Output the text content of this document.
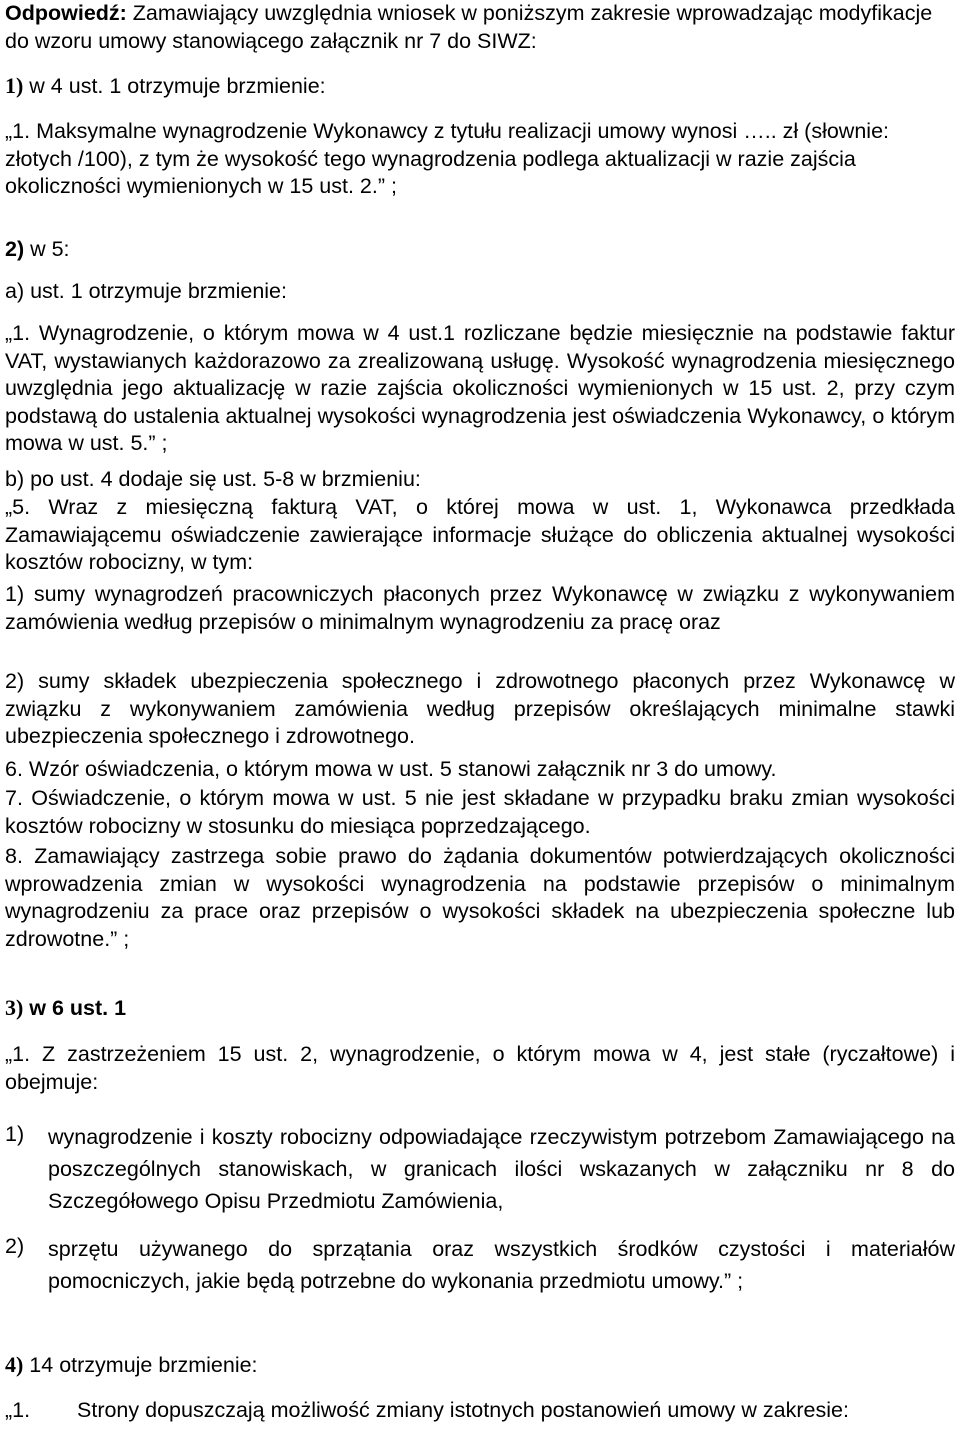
Odpowiedź: Zamawiający uwzględnia wniosek w poniższym zakresie wprowadzając modyfikacje do wzoru umowy stanowiącego załącznik nr 7 do SIWZ:

1) w 4 ust. 1 otrzymuje brzmienie:

„1. Maksymalne wynagrodzenie Wykonawcy z tytułu realizacji umowy wynosi ….. zł (słownie: złotych /100), z tym że wysokość tego wynagrodzenia podlega aktualizacji w razie zajścia okoliczności wymienionych w 15 ust. 2.” ;

2) w 5:

a) ust. 1 otrzymuje brzmienie:

„1. Wynagrodzenie, o którym mowa w 4 ust.1 rozliczane będzie miesięcznie na podstawie faktur VAT, wystawianych każdorazowo za zrealizowaną usługę. Wysokość wynagrodzenia miesięcznego uwzględnia jego aktualizację w razie zajścia okoliczności wymienionych w 15 ust. 2, przy czym podstawą do ustalenia aktualnej wysokości wynagrodzenia jest oświadczenia Wykonawcy, o którym mowa w ust. 5.” ;

b) po ust. 4 dodaje się ust. 5-8 w brzmieniu:

„5. Wraz z miesięczną fakturą VAT, o której mowa w ust. 1, Wykonawca przedkłada Zamawiającemu oświadczenie zawierające informacje służące do obliczenia aktualnej wysokości kosztów robocizny, w tym:

1) sumy wynagrodzeń pracowniczych płaconych przez Wykonawcę w związku z wykonywaniem zamówienia według przepisów o minimalnym wynagrodzeniu za pracę oraz

2) sumy składek ubezpieczenia społecznego i zdrowotnego płaconych przez Wykonawcę w związku z wykonywaniem zamówienia według przepisów określających minimalne stawki ubezpieczenia społecznego i zdrowotnego.

6. Wzór oświadczenia, o którym mowa w ust. 5 stanowi załącznik nr 3 do umowy.

7. Oświadczenie, o którym mowa w ust. 5 nie jest składane w przypadku braku zmian wysokości kosztów robocizny w stosunku do miesiąca poprzedzającego.

8. Zamawiający zastrzega sobie prawo do żądania dokumentów potwierdzających okoliczności wprowadzenia zmian w wysokości wynagrodzenia na podstawie przepisów o minimalnym wynagrodzeniu za prace oraz przepisów o wysokości składek na ubezpieczenia społeczne lub zdrowotne.” ;

3) w 6 ust. 1

„1. Z zastrzeżeniem 15 ust. 2, wynagrodzenie, o którym mowa w 4, jest stałe (ryczałtowe) i obejmuje:

1) wynagrodzenie i koszty robocizny odpowiadające rzeczywistym potrzebom Zamawiającego na poszczególnych stanowiskach, w granicach ilości wskazanych w załączniku nr 8 do Szczegółowego Opisu Przedmiotu Zamówienia,
2) sprzętu używanego do sprzątania oraz wszystkich środków czystości i materiałów pomocniczych, jakie będą potrzebne do wykonania przedmiotu umowy.” ;

4) 14 otrzymuje brzmienie:

„1. Strony dopuszczają możliwość zmiany istotnych postanowień umowy w zakresie:
